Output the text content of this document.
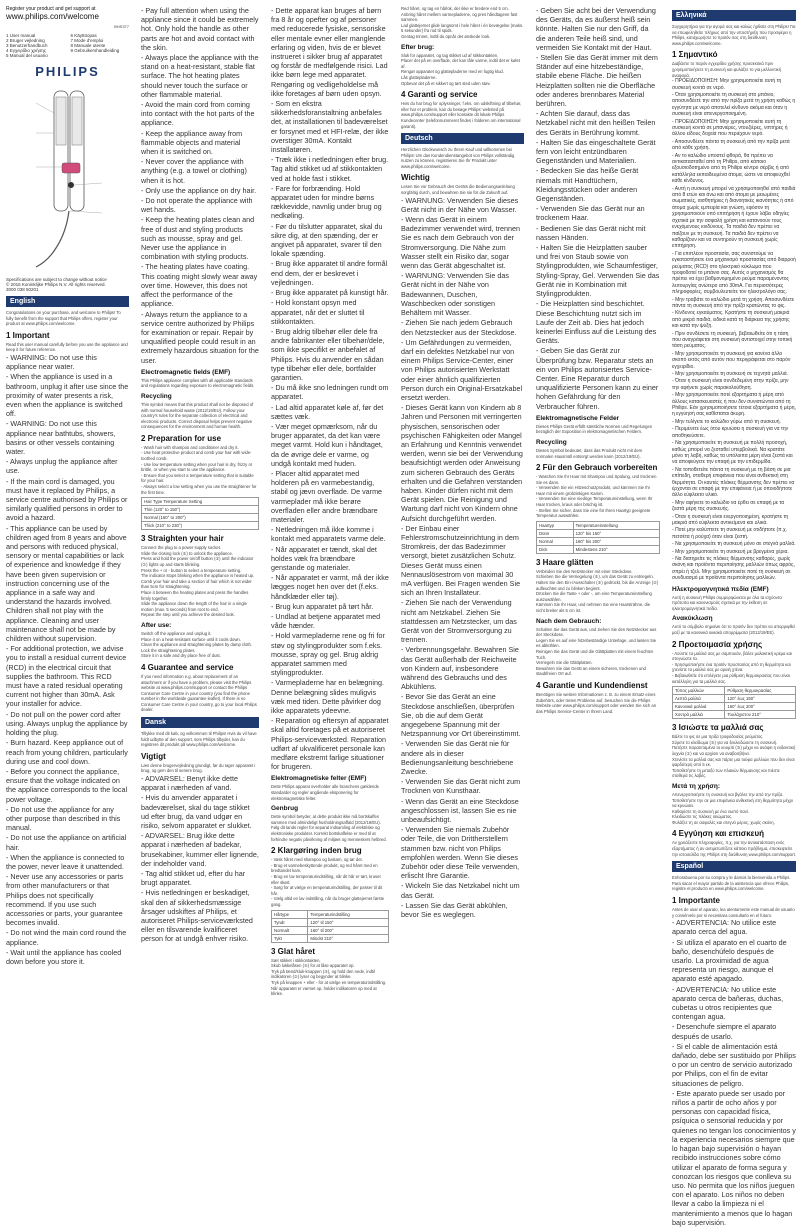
Register your product and get support at
www.philips.com/welcome
BHS377
1 User manual
2 Bruger vejledning
3 Benutzerhandbuch
4 Εγχειρίδιο χρήσης
5 Manual del usuario
6 Käyttöopas
7 Mode d'emploi
8 Manuale utente
9 Gebruikershandleiding
PHILIPS
Specifications are subject to change without notice
© 2016 Koninklijke Philips N.V. All rights reserved.
3000 038 50201
English
Congratulations on your purchase, and welcome to Philips! To fully benefit from the support that Philips offers, register your product at www.philips.com/welcome.
1 Important
Read this user manual carefully before you use the appliance and keep it for future reference.

- WARNING: Do not use this appliance near water.

- When the appliance is used in a bathroom, unplug it after use since the proximity of water presents a risk, even when the appliance is switched off.

- WARNING: Do not use this appliance near bathtubs, showers, basins or other vessels containing water.

- Always unplug the appliance after use.

- If the main cord is damaged, you must have it replaced by Philips, a service centre authorised by Philips or similarly qualified persons in order to avoid a hazard.

- This appliance can be used by children aged from 8 years and above and persons with reduced physical, sensory or mental capabilities or lack of experience and knowledge if they have been given supervision or instruction concerning use of the appliance in a safe way and understand the hazards involved. Children shall not play with the appliance. Cleaning and user maintenance shall not be made by children without supervision.

- For additional protection, we advise you to install a residual current device (RCD) in the electrical circuit that supplies the bathroom. This RCD must have a rated residual operating current not higher than 30mA. Ask your installer for advice.

- Do not pull on the power cord after using. Always unplug the appliance by holding the plug.

- Burn hazard. Keep appliance out of reach from young children, particularly during use and cool down.

- Before you connect the appliance, ensure that the voltage indicated on the appliance corresponds to the local power voltage.

- Do not use the appliance for any other purpose than described in this manual.

- Do not use the appliance on artificial hair.

- When the appliance is connected to the power, never leave it unattended.

- Never use any accessories or parts from other manufacturers or that Philips does not specifically recommend. If you use such accessories or parts, your guarantee becomes invalid.

- Do not wind the main cord round the appliance.

- Wait until the appliance has cooled down before you store it.

- Pay full attention when using the appliance since it could be extremely hot. Only hold the handle as other parts are hot and avoid contact with the skin.

- Always place the appliance with the stand on a heat-resistant, stable flat surface. The hot heating plates should never touch the surface or other flammable material.

- Avoid the main cord from coming into contact with the hot parts of the appliance.

- Keep the appliance away from flammable objects and material when it is switched on.

- Never cover the appliance with anything (e.g. a towel or clothing) when it is hot.

- Only use the appliance on dry hair.

- Do not operate the appliance with wet hands.

- Keep the heating plates clean and free of dust and styling products such as mousse, spray and gel. Never use the appliance in combination with styling products.

- The heating plates have coating. This coating might slowly wear away over time. However, this does not affect the performance of the appliance.

- Always return the appliance to a service centre authorized by Philips for examination or repair. Repair by unqualified people could result in an extremely hazardous situation for the user.

Electromagnetic fields (EMF)
This Philips appliance complies with all applicable standards and regulations regarding exposure to electromagnetic fields.
Recycling
This symbol means that this product shall not be disposed of with normal household waste (2012/19/EU). Follow your country's rules for the separate collection of electrical and electronic products. Correct disposal helps prevent negative consequences for the environment and human health.
2 Preparation for use

- Wash hair with shampoo and conditioner and dry it.

- Use heat protective product and comb your hair with wide-toothed comb.

- Use low temperature setting when your hair is dry, frizzy or brittle, or when you start to use the appliance.

- Ensure that you select a temperature setting that is suitable for your hair.

- Always select a low setting when you use the straightener for the first time.

Hair Type Temperature Setting
Thin (120° to 150°)
Normal (160° to 200°)
Thick (210° to 230°)
3 Straighten your hair

Connect the plug to a power supply socket.

Slide the closing lock (⑤) to unlock the appliance.

Press and hold the power on/off button (③) until the indicator (②) lights up and starts blinking.

Press the + or - button to select a temperature setting.

The indicator stops blinking when the appliance is heated up.

Comb your hair and take a section of hair which is not wider than 5cm for straightening.

Place it between the heating plates and press the handles firmly together.

Slide the appliance down the length of the hair in a single motion (max. 5 seconds) from root to end.

Repeat the step until you achieve the desired look.

After use:

Switch off the appliance and unplug it.

Place it on a heat-resistant surface until it cools down.

Clean the appliance and straightening plates by damp cloth.

Lock the straightening plates.

Store it in a safe and dry place free of dust.

4 Guarantee and service
If you need information e.g. about replacement of an attachment or if you have a problem, please visit the Philips website at www.philips.com/support or contact the Philips Consumer Care Centre in your country (you find the phone number in the worldwide guarantee leaflet). If there is no Consumer Care Centre in your country, go to your local Philips dealer.
Dansk
Tillykke med dit køb, og velkommen til Philips! Hvis du vil have fuldt udbytte af den support, som Philips tilbyder, kan du registrere dit produkt på www.philips.com/welcome.
Vigtigt
Læs denne brugervejledning grundigt, før du tager apparatet i brug, og gem den til senere brug.

- ADVARSEL: Benyt ikke dette apparat i nærheden af vand.

- Hvis du anvender apparatet i badeværelset, skal du tage stikket ud efter brug, da vand udgør en risiko, selvom apparatet er slukket.

- ADVARSEL: Brug ikke dette apparat i nærheden af badekar, brusekabiner, kummer eller lignende, der indeholder vand.

- Tag altid stikket ud, efter du har brugt apparatet.

- Hvis netledningen er beskadiget, skal den af sikkerhedsmæssige årsager udskiftes af Philips, et autoriseret Philips-serviceværksted eller en tilsvarende kvalificeret person for at undgå enhver risiko.

- Dette apparat kan bruges af børn fra 8 år og opefter og af personer med reducerede fysiske, sensoriske eller mentale evner eller manglende erfaring og viden, hvis de er blevet instrueret i sikker brug af apparatet og forstår de medfølgende risici. Lad ikke børn lege med apparatet. Rengøring og vedligeholdelse må ikke foretages af børn uden opsyn.

- Som en ekstra sikkerhedsforanstaltning anbefales det, at installationen til badeværelset er forsynet med et HFI-relæ, der ikke overstiger 30mA. Kontakt installatøren.

- Træk ikke i netledningen efter brug. Tag altid stikket ud af stikkontakten ved at holde fast i stikket.

- Fare for forbrænding. Hold apparatet uden for mindre børns rækkevidde, navnlig under brug og nedkøling.

- Før du tilslutter apparatet, skal du sikre dig, at den spænding, der er angivet på apparatet, svarer til den lokale spænding.

- Brug ikke apparatet til andre formål end dem, der er beskrevet i vejledningen.

- Brug ikke apparatet på kunstigt hår.

- Hold konstant opsyn med apparatet, når det er sluttet til stikkontakten.

- Brug aldrig tilbehør eller dele fra andre fabrikanter eller tilbehør/dele, som ikke specifikt er anbefalet af Philips. Hvis du anvender en sådan type tilbehør eller dele, bortfalder garantien.

- Du må ikke sno ledningen rundt om apparatet.

- Lad altid apparatet køle af, før det sættes væk.

- Vær meget opmærksom, når du bruger apparatet, da det kan være meget varmt. Hold kun i håndtaget, da de øvrige dele er varme, og undgå kontakt med huden.

- Placer altid apparatet med holderen på en varmebestandig, stabil og jævn overflade. De varme varmeplader må ikke berøre overfladen eller andre brændbare materialer.

- Netledningen må ikke komme i kontakt med apparatets varme dele.

- Når apparatet er tændt, skal det holdes væk fra brændbare genstande og materialer.

- Når apparatet er varmt, må der ikke lægges noget hen over det (f.eks. håndklæder eller tøj).

- Brug kun apparatet på tørt hår.

- Undlad at betjene apparatet med våde hænder.

- Hold varmepladerne rene og fri for støv og stylingprodukter som f.eks. mousse, spray og gel. Brug aldrig apparatet sammen med stylingprodukter.

- Varmepladerne har en belægning. Denne belægning slides muligvis væk med tiden. Dette påvirker dog ikke apparatets ydeevne.

- Reparation og eftersyn af apparatet skal altid foretages på et autoriseret Philips-serviceværksted. Reparation udført af ukvalificeret personale kan medføre ekstremt farlige situationer for brugeren.

Elektromagnetiske felter (EMF)
Dette Philips apparat overholder alle branchens gældende standarder og regler angående eksponering for elektromagnetiske felter.
Genbrug
Dette symbol betyder, at dette produkt ikke må bortskaffes sammen med almindeligt husholdningsaffald (2012/19/EU). Følg dit lands regler for separat indsamling af elektriske og elektroniske produkter. Korrekt bortskaffelse er med til at forhindre negativ påvirkning af miljøet og menneskers helbred.
2 Klargøring inden brug

- Vask håret med shampoo og balsam, og tør det.

- Brug et varmebeskyttende produkt, og red håret med en bredtandet kam.

- Brug en lav temperaturindstilling, når dit hår er tørt, kruset eller skørt.

- Sørg for at vælge en temperaturindstilling, der passer til dit hår.

- Vælg altid en lav indstilling, når du bruger glattejernet første gang.

Hårtype	Temperaturindstilling
Tyndt	120° til 150°
Normalt	160° til 200°
Tykt	Mindst 210°
3 Glat håret

Sæt stikket i stikkontakten.

Skub lukkelåsen (⑤) for at låse apparatet op.

Tryk på tænd/sluk-knappen (③), og hold den nede, indtil indikatoren (②) lyser og begynder at blinke.

Tryk på knappen + eller - for at vælge en temperaturindstilling.

Når apparatet er varmet op, holder indikatoren op med at blinke.

Red håret, og tag en hårlok, der ikke er bredere end 5 cm.

Anbring håret mellem varmepladerne, og pres håndtagene fast sammen.

Lad glattejernet glide langsomt i hele håret i én bevægelse (maks. 5 sekunder) fra rod til spids.

Gentag trinnet, indtil du opnår det ønskede look.

Efter brug:

Sluk for apparatet, og tag stikket ud af stikkontakten.

Placer det på en overflade, der kan tåle varme, indtil det er kølet af.

Rengør apparatet og glattepladerne med en fugtig klud.

Lås glattepladerne.

Opbevar det på et sikkert og tørt sted uden støv.

4 Garanti og service
Hvis du har brug for oplysninger, f.eks. om udskiftning af tilbehør, eller har et problem, kan du besøge Philips' websted på www.philips.com/support eller kontakte dit lokale Philips Kundecenter (telefonnummeret findes i folderen om international garanti).
Deutsch
Herzlichen Glückwunsch zu Ihrem Kauf und willkommen bei Philips! Um das Kundendienstangebot von Philips vollständig nutzen zu können, registrieren Sie Ihr Produkt unter www.philips.com/welcome.
Wichtig
Lesen Sie vor Gebrauch des Geräts die Bedienungsanleitung sorgfältig durch, und bewahren Sie sie für die Zukunft auf.

- WARNUNG: Verwenden Sie dieses Gerät nicht in der Nähe von Wasser.

- Wenn das Gerät in einem Badezimmer verwendet wird, trennen Sie es nach dem Gebrauch von der Stromversorgung. Die Nähe zum Wasser stellt ein Risiko dar, sogar wenn das Gerät abgeschaltet ist.

- WARNUNG: Verwenden Sie das Gerät nicht in der Nähe von Badewannen, Duschen, Waschbecken oder sonstigen Behältern mit Wasser.

- Ziehen Sie nach jedem Gebrauch den Netzstecker aus der Steckdose.

- Um Gefährdungen zu vermeiden, darf ein defektes Netzkabel nur von einem Philips Service-Center, einer von Philips autorisierten Werkstatt oder einer ähnlich qualifizierten Person durch ein Original-Ersatzkabel ersetzt werden.

- Dieses Gerät kann von Kindern ab 8 Jahren und Personen mit verringerten physischen, sensorischen oder psychischen Fähigkeiten oder Mangel an Erfahrung und Kenntnis verwendet werden, wenn sie bei der Verwendung beaufsichtigt werden oder Anweisung zum sicheren Gebrauch des Geräts erhalten und die Gefahren verstanden haben. Kinder dürfen nicht mit dem Gerät spielen. Die Reinigung und Wartung darf nicht von Kindern ohne Aufsicht durchgeführt werden.

- Der Einbau einer Fehlerstromschutzeinrichtung in dem Stromkreis, der das Badezimmer versorgt, bietet zusätzlichen Schutz. Dieses Gerät muss einen Nennauslösestrom von maximal 30 mA verfügen. Bei Fragen wenden Sie sich an Ihren Installateur.

- Ziehen Sie nach der Verwendung nicht am Netzkabel. Ziehen Sie stattdessen am Netzstecker, um das Gerät von der Stromversorgung zu trennen.

- Verbrennungsgefahr. Bewahren Sie das Gerät außerhalb der Reichweite von Kindern auf, insbesondere während des Gebrauchs und des Abkühlens.

- Bevor Sie das Gerät an eine Steckdose anschließen, überprüfen Sie, ob die auf dem Gerät angegebene Spannung mit der Netzspannung vor Ort übereinstimmt.

- Verwenden Sie das Gerät nie für andere als in dieser Bedienungsanleitung beschriebene Zwecke.

- Verwenden Sie das Gerät nicht zum Trocknen von Kunsthaar.

- Wenn das Gerät an eine Steckdose angeschlossen ist, lassen Sie es nie unbeaufsichtigt.

- Verwenden Sie niemals Zubehör oder Teile, die von Drittherstellern stammen bzw. nicht von Philips empfohlen werden. Wenn Sie dieses Zubehör oder diese Teile verwenden, erlischt Ihre Garantie.

- Wickeln Sie das Netzkabel nicht um das Gerät.

- Lassen Sie das Gerät abkühlen, bevor Sie es weglegen.

- Geben Sie acht bei der Verwendung des Geräts, da es äußerst heiß sein könnte. Halten Sie nur den Griff, da die anderen Teile heiß sind, und vermeiden Sie Kontakt mit der Haut.

- Stellen Sie das Gerät immer mit dem Ständer auf eine hitzebeständige, stabile ebene Fläche. Die heißen Heizplatten sollten nie die Oberfläche oder anderes brennbares Material berühren.

- Achten Sie darauf, dass das Netzkabel nicht mit den heißen Teilen des Geräts in Berührung kommt.

- Halten Sie das eingeschaltete Gerät fern von leicht entzündbaren Gegenständen und Materialien.

- Bedecken Sie das heiße Gerät niemals mit Handtüchern, Kleidungsstücken oder anderen Gegenständen.

- Verwenden Sie das Gerät nur an trockenem Haar.

- Bedienen Sie das Gerät nicht mit nassen Händen.

- Halten Sie die Heizplatten sauber und frei von Staub sowie von Stylingprodukten, wie Schaumfestiger, Styling-Spray, Gel. Verwenden Sie das Gerät nie in Kombination mit Stylingprodukten.

- Die Heizplatten sind beschichtet. Diese Beschichtung nutzt sich im Laufe der Zeit ab. Dies hat jedoch keinerlei Einfluss auf die Leistung des Geräts.

- Geben Sie das Gerät zur Überprüfung bzw. Reparatur stets an ein von Philips autorisiertes Service-Center. Eine Reparatur durch unqualifizierte Personen kann zu einer hohen Gefährdung für den Verbraucher führen.

Elektromagnetische Felder
Dieses Philips Gerät erfüllt sämtliche Normen und Regelungen bezüglich der Exposition in elektromagnetischen Feldern.
Recycling
Dieses Symbol bedeutet, dass das Produkt nicht mit dem normalen Hausmüll entsorgt werden kann (2012/19/EU).
2 Für den Gebrauch vorbereiten

- Waschen Sie Ihr Haar mit Shampoo und Spülung, und trocknen Sie es dann.

- Verwenden Sie ein Hitzeschutzprodukt, und kämmen Sie Ihr Haar mit einem grobzinkigen Kamm.

- Verwenden Sie eine niedrige Temperatureinstellung, wenn Ihr Haar trocken, kraus oder brüchig ist.

- Stellen Sie sicher, dass Sie eine für Ihren Haartyp geeignete Temperatur auswählen.

Haartyp	Temperatureinstellung
Dünn	120° bis 150°
Normal	160° bis 200°
Dick	Mindestens 210°
3 Haare glätten

Verbinden Sie den Netzstecker mit einer Steckdose.

Schieben Sie die Verriegelung (⑤), um das Gerät zu entriegeln.

Halten Sie den Ein-/Ausschalter (③) gedrückt, bis die Anzeige (②) aufleuchtet und zu blinken beginnt.

Drücken Sie die Taste + oder -, um eine Temperatureinstellung auszuwählen.

Kämmen Sie Ihr Haar, und nehmen Sie eine Haarsträhne, die nicht breiter als 5 cm ist.

Nach dem Gebrauch:

Schalten Sie das Gerät aus, und ziehen Sie den Netzstecker aus der Steckdose.

Legen Sie es auf eine hitzebeständige Unterlage, und lassen Sie es abkühlen.

Reinigen Sie das Gerät und die Glättplatten mit einem feuchten Tuch.

Verriegeln Sie die Glättplatten.

Bewahren Sie das Gerät an einem sicheren, trockenen und staubfreien Ort auf.

4 Garantie und Kundendienst
Benötigen Sie weitere Informationen z. B. zu einem Ersatz eines Zubehörs, oder treten Probleme auf, besuchen Sie die Philips Website unter www.philips.com/support oder wenden Sie sich an das Philips Service-Center in Ihrem Land.
Ελληνικά
Συγχαρητήρια για την αγορά σας και καλώς ήρθατε στη Philips! Για να επωφεληθείτε πλήρως από την υποστήριξη που προσφέρει η Philips, καταχωρήστε το προϊόν σας στη διεύθυνση www.philips.com/welcome.
1 Σημαντικό
Διαβάστε το παρόν εγχειρίδιο χρήσης προσεκτικά πριν χρησιμοποιήσετε τη συσκευή και φυλάξτε το για μελλοντική αναφορά.

- ΠΡΟΕΙΔΟΠΟΙΗΣΗ: Μην χρησιμοποιείτε αυτή τη συσκευή κοντά σε νερό.

- Όταν χρησιμοποιείτε τη συσκευή στο μπάνιο, αποσυνδέετέ την από την πρίζα μετά τη χρήση καθώς η εγγύτητα με νερό αποτελεί κίνδυνο ακόμα και όταν η συσκευή είναι απενεργοποιημένη.

- ΠΡΟΕΙΔΟΠΟΙΗΣΗ: Μην χρησιμοποιείτε αυτή τη συσκευή κοντά σε μπανιέρες, ντουζιέρες, νιπτήρες ή άλλου είδους δοχεία που περιέχουν νερό.

- Αποσυνδέετε πάντα τη συσκευή από την πρίζα μετά από κάθε χρήση.

- Αν το καλώδιο υποστεί φθορά, θα πρέπει να αντικατασταθεί από τη Philips, από κάποιο εξουσιοδοτημένο από τη Philips κέντρο σέρβις ή από κατάλληλα εκπαιδευμένα άτομα, ώστε να αποφευχθεί κάθε κίνδυνος.

- Αυτή η συσκευή μπορεί να χρησιμοποιηθεί από παιδιά από 8 ετών και άνω και από άτομα με μειωμένες σωματικές, αισθητήριες ή διανοητικές ικανότητες ή από άτομα χωρίς εμπειρία και γνώση, εφόσον τη χρησιμοποιούν υπό επιτήρηση ή έχουν λάβει οδηγίες σχετικά με την ασφαλή χρήση και κατανοούν τους ενεχόμενους κινδύνους. Τα παιδιά δεν πρέπει να παίζουν με τη συσκευή. Τα παιδιά δεν πρέπει να καθαρίζουν και να συντηρούν τη συσκευή χωρίς επιτήρηση.

- Για επιπλέον προστασία, σας συνιστούμε να εγκαταστήσετε ένα μηχανισμό προστασίας από διαρροή ρεύματος (RCD) στο ηλεκτρικό κύκλωμα που τροφοδοτεί το μπάνιο σας. Αυτός ο μηχανισμός θα πρέπει να έχει βαθμονομημένο ρεύμα παραμένοντος λειτουργίας ανώτερο από 30mA. Για περισσότερες πληροφορίες, συμβουλευτείτε τον ηλεκτρολόγο σας.

- Μην τραβάτε το καλώδιο μετά τη χρήση. Αποσυνδέετε πάντα τη συσκευή από την πρίζα κρατώντας το φις.

- Κίνδυνος εγκαύματος. Κρατήστε τη συσκευή μακριά από μικρά παιδιά, ειδικά κατά τη διάρκεια της χρήσης και κατά την ψύξη.

- Πριν συνδέσετε τη συσκευή, βεβαιωθείτε ότι η τάση που αναγράφεται στη συσκευή αντιστοιχεί στην τοπική τάση ρεύματος.

- Μην χρησιμοποιείτε τη συσκευή για κανένα άλλο σκοπό εκτός από αυτόν που περιγράφεται στο παρόν εγχειρίδιο.

- Μην χρησιμοποιείτε τη συσκευή σε τεχνητά μαλλιά.

- Όταν η συσκευή είναι συνδεδεμένη στην πρίζα, μην την αφήνετε χωρίς παρακολούθηση.

- Μην χρησιμοποιείτε ποτέ εξαρτήματα ή μέρη από άλλους κατασκευαστές ή που δεν συνιστώνται από τη Philips. Εάν χρησιμοποιήσετε τέτοια εξαρτήματα ή μέρη, η εγγύησή σας καθίσταται άκυρη.

- Μην τυλίγετε το καλώδιο γύρω από τη συσκευή.

- Περιμένετε έως ότου κρυώσει η συσκευή για να την αποθηκεύσετε.

- Να χρησιμοποιείτε τη συσκευή με πολλή προσοχή, καθώς μπορεί να ζεσταθεί υπερβολικά. Να κρατάτε μόνο τη λαβή, καθώς τα υπόλοιπα μέρη είναι ζεστά και να αποφεύγετε την επαφή με την επιδερμίδα.

- Να τοποθετείτε πάντα τη συσκευή με τη βάση σε μια επίπεδη, σταθερή επιφάνεια που είναι ανθεκτική στη θερμότητα. Οι καυτές πλάκες θέρμανσης δεν πρέπει να έρχονται σε επαφή με την επιφάνεια ή με οποιοδήποτε άλλο εύφλεκτο υλικό.

- Μην αφήνετε το καλώδιο να έρθει σε επαφή με τα ζεστά μέρη της συσκευής.

- Όταν η συσκευή είναι ενεργοποιημένη, κρατήστε τη μακριά από εύφλεκτα αντικείμενα και υλικά.

- Ποτέ μην καλύπτετε τη συσκευή με οτιδήποτε (π.χ. πετσέτα ή ρούχα) όταν είναι ζεστή.

- Να χρησιμοποιείτε τη συσκευή μόνο σε στεγνά μαλλιά.

- Μην χρησιμοποιείτε τη συσκευή με βρεγμένα χέρια.

- Να διατηρείτε τις πλάκες θέρμανσης καθαρές, χωρίς σκόνη και προϊόντα περιποίησης μαλλιών όπως αφρός, σπρέι ή τζελ. Μην χρησιμοποιείτε ποτέ τη συσκευή σε συνδυασμό με προϊόντα περιποίησης μαλλιών.

Ηλεκτρομαγνητικά πεδία (EMF)
Αυτή η συσκευή Philips συμμορφώνεται με όλα τα ισχύοντα πρότυπα και κανονισμούς σχετικά με την έκθεση σε ηλεκτρομαγνητικά πεδία.
Ανακύκλωση
Αυτό το σύμβολο σημαίνει ότι το προϊόν δεν πρέπει να απορριφθεί μαζί με τα κανονικά οικιακά απορρίμματα (2012/19/ΕΕ).
2 Προετοιμασία χρήσης

- Λούστε τα μαλλιά σας με σαμπουάν, βάλτε μαλακτική κρέμα και στεγνώστε τα.

- Χρησιμοποιήστε ένα προϊόν προστασίας από τη θερμότητα και χτενίστε τα μαλλιά σας με αραιή χτένα.

- Βεβαιωθείτε ότι επιλέγετε μια ρύθμιση θερμοκρασίας που είναι κατάλληλη για τα μαλλιά σας.

Τύπος μαλλιών	Ρύθμιση θερμοκρασίας
Λεπτά μαλλιά	120° έως 150°
Κανονικά μαλλιά	160° έως 200°
Χοντρά μαλλιά	Τουλάχιστον 210°
3 Ισιώστε τα μαλλιά σας

Βάλτε το φις σε μια πρίζα τροφοδοσίας ρεύματος.

Σύρετε το κλείδωμα (⑤) για να ξεκλειδώσετε τη συσκευή.

Πατήστε παρατεταμένα το κουμπί (③) μέχρι να ανάψει η ενδεικτική λυχνία (②) και να αρχίσει να αναβοσβήνει.

Χτενίστε τα μαλλιά σας και πάρτε μια τούφα μαλλιών που δεν είναι φαρδύτερη από 5 εκ.

Τοποθετήστε τη μεταξύ των πλακών θέρμανσης και πιέστε σταθερά τις λαβές.

Μετά τη χρήση:

Απενεργοποιήστε τη συσκευή και βγάλτε την από την πρίζα.

Τοποθετήστε την σε μια επιφάνεια ανθεκτική στη θερμότητα μέχρι να κρυώσει.

Καθαρίστε τη συσκευή με ένα νωπό πανί.

Κλειδώστε τις πλάκες ισιώματος.

Φυλάξτε τη σε ασφαλές και στεγνό μέρος, χωρίς σκόνη.

4 Εγγύηση και επισκευή
Αν χρειάζεστε πληροφορίες, π.χ. για την αντικατάσταση ενός εξαρτήματος ή αν αντιμετωπίζετε κάποιο πρόβλημα, επισκεφτείτε την ιστοσελίδα της Philips στη διεύθυνση www.philips.com/support.
Español
Enhorabuena por su compra y le damos la bienvenida a Philips. Para sacar el mayor partido de la asistencia que ofrece Philips, registre el producto en www.philips.com/welcome.
1 Importante
Antes de usar el aparato, lea atentamente este manual de usuario y consérvelo por si necesitara consultarlo en el futuro.

- ADVERTENCIA: No utilice este aparato cerca del agua.

- Si utiliza el aparato en el cuarto de baño, desenchúfelo después de usarlo. La proximidad de agua representa un riesgo, aunque el aparato esté apagado.

- ADVERTENCIA: No utilice este aparato cerca de bañeras, duchas, cubetas u otros recipientes que contengan agua.

- Desenchufe siempre el aparato después de usarlo.

- Si el cable de alimentación está dañado, debe ser sustituido por Philips o por un centro de servicio autorizado por Philips, con el fin de evitar situaciones de peligro.

- Este aparato puede ser usado por niños a partir de ocho años y por personas con capacidad física, psíquica o sensorial reducida y por quienes no tengan los conocimientos y la experiencia necesarios siempre que lo hagan bajo supervisión o hayan recibido instrucciones sobre cómo utilizar el aparato de forma segura y conozcan los riesgos que conlleva su uso. No permita que los niños jueguen con el aparato. Los niños no deben llevar a cabo la limpieza ni el mantenimiento a menos que lo hagan bajo supervisión.
